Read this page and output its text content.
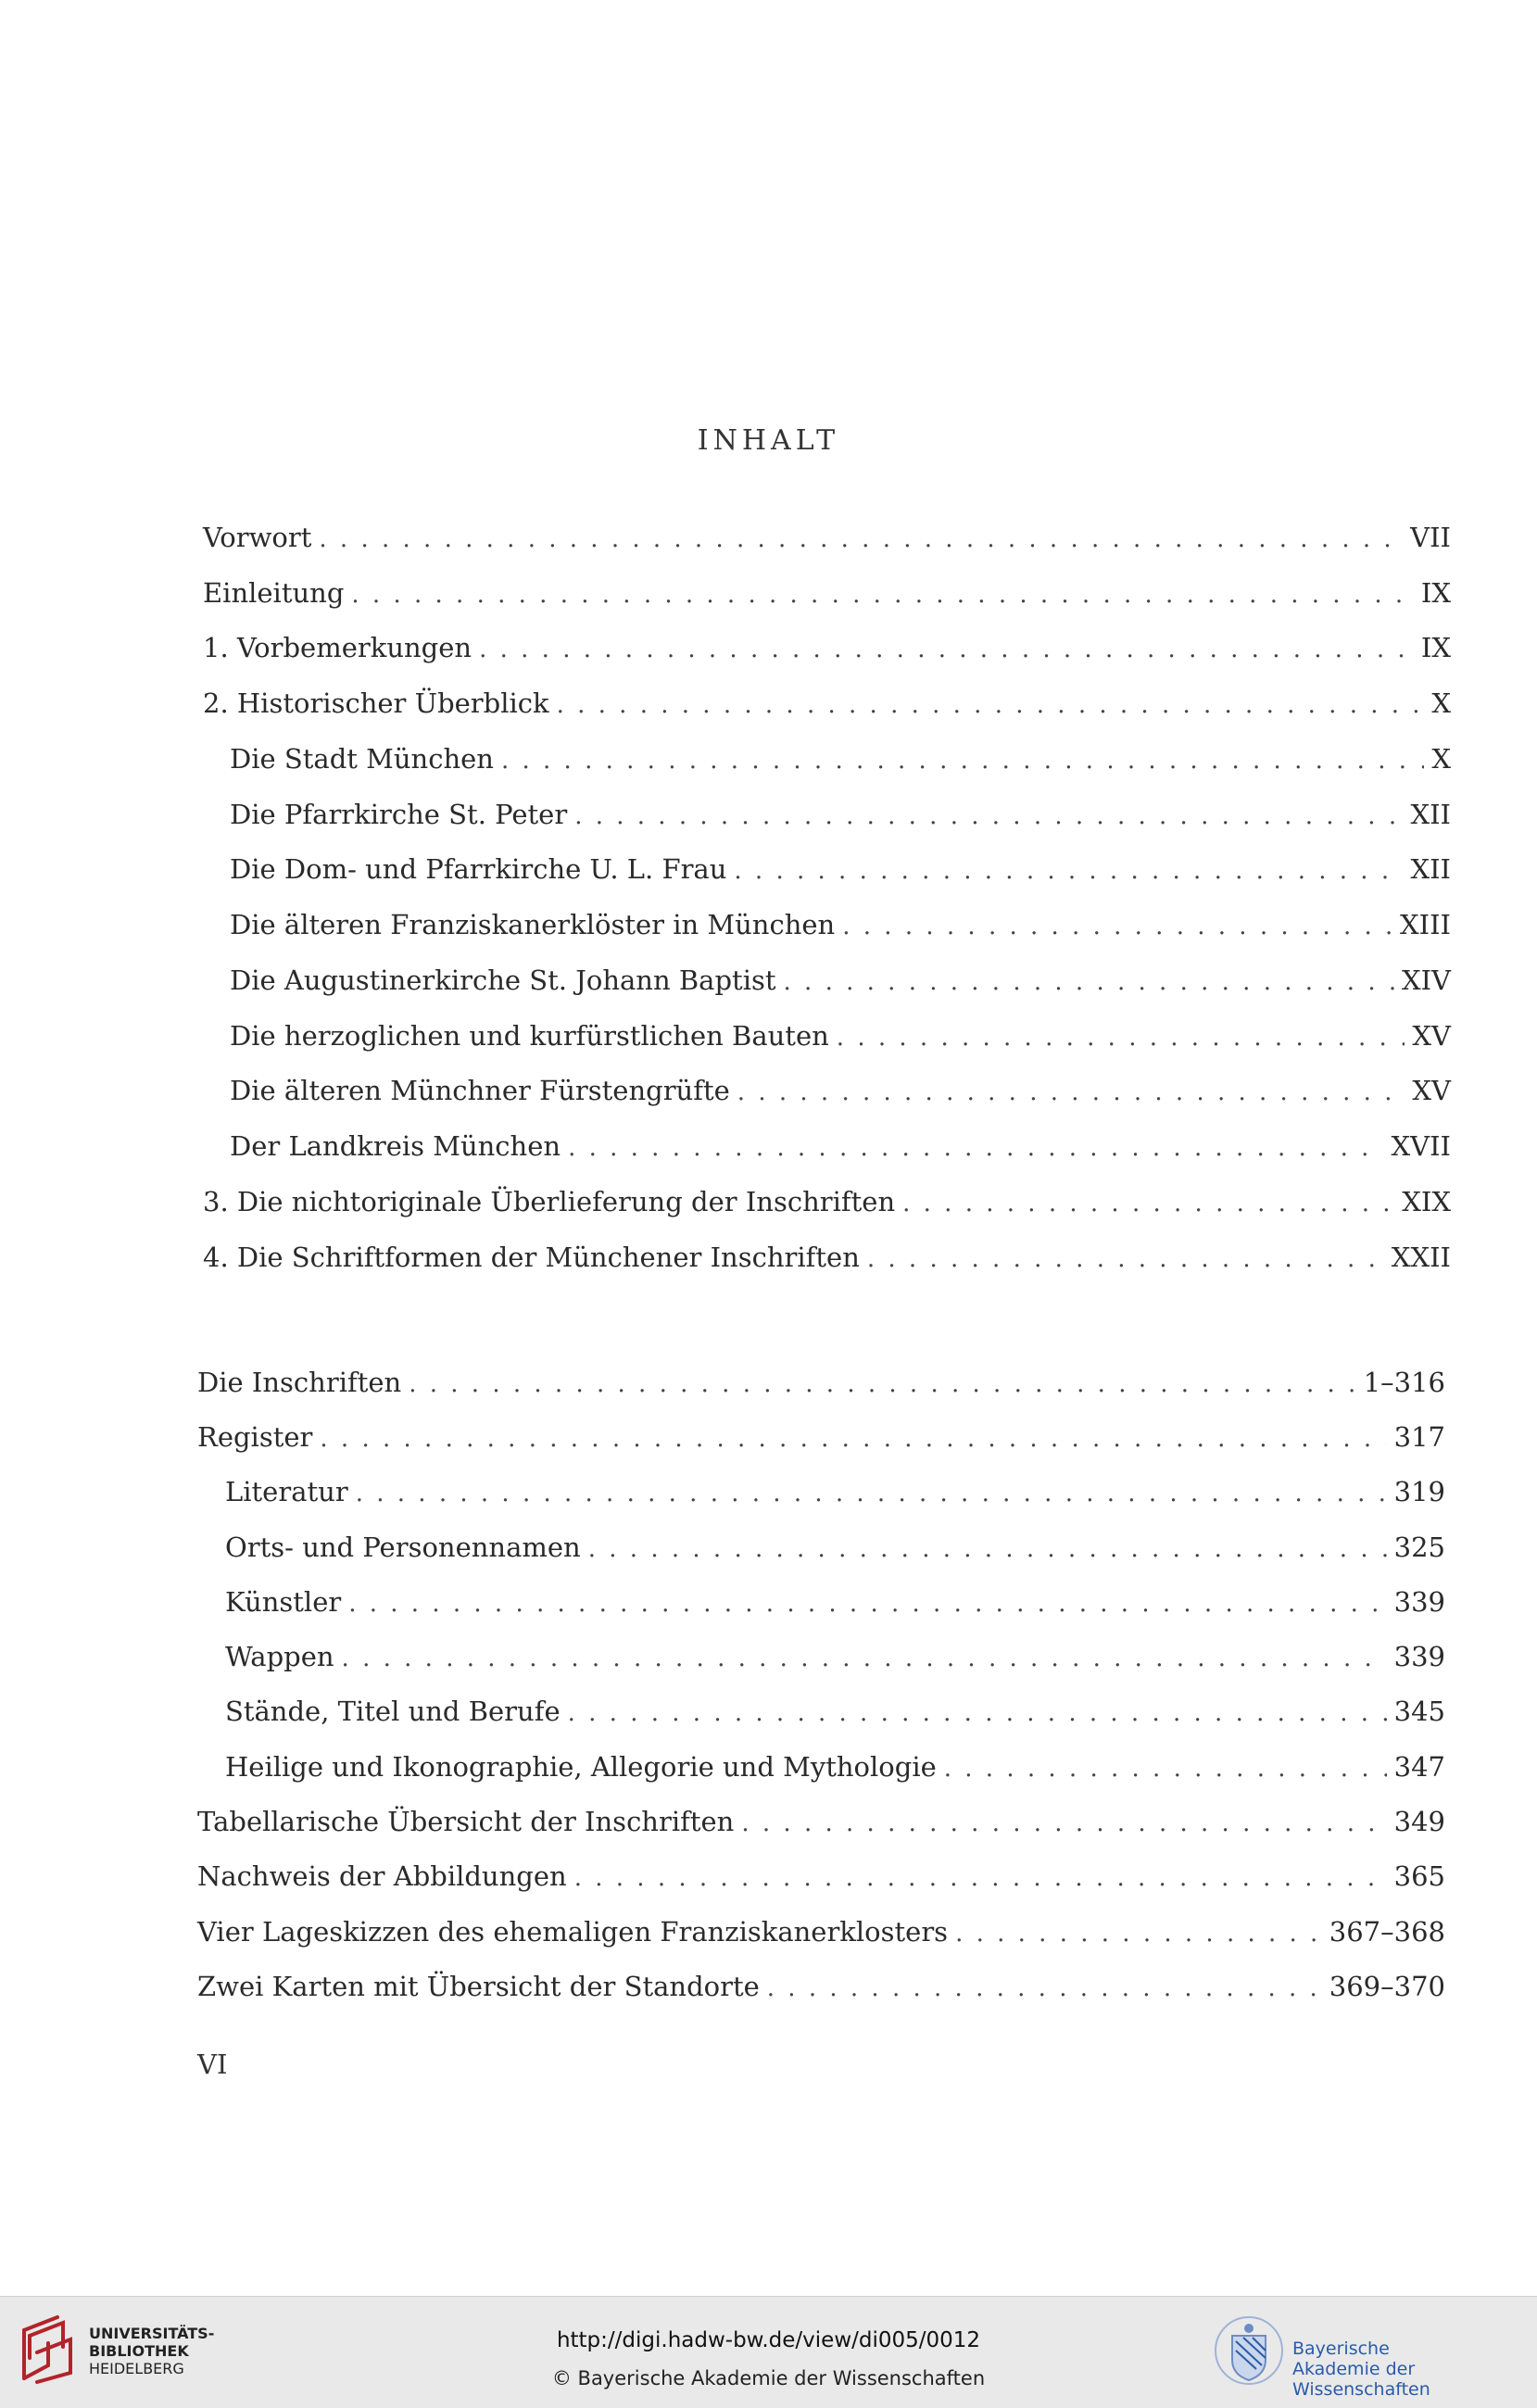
INHALT
Vorwort . . .	VII
Einleitung . . .	IX
1. Vorbemerkungen . . .	IX
2. Historischer Überblick . . .	X
Die Stadt München . . .	X
Die Pfarrkirche St. Peter . . .	XII
Die Dom- und Pfarrkirche U. L. Frau . . .	XII
Die älteren Franziskanerklöster in München . . .	XIII
Die Augustinerkirche St. Johann Baptist . . .	XIV
Die herzoglichen und kurfürstlichen Bauten . . .	XV
Die älteren Münchner Fürstengrüfte . . .	XV
Der Landkreis München . . .	XVII
3. Die nichtoriginale Überlieferung der Inschriften . . .	XIX
4. Die Schriftformen der Münchener Inschriften . . .	XXII
Die Inschriften . . .	1–316
Register . . .	317
Literatur . . .	319
Orts- und Personennamen . . .	325
Künstler . . .	339
Wappen . . .	339
Stände, Titel und Berufe . . .	345
Heilige und Ikonographie, Allegorie und Mythologie . . .	347
Tabellarische Übersicht der Inschriften . . .	349
Nachweis der Abbildungen . . .	365
Vier Lageskizzen des ehemaligen Franziskanerklosters . . .	367–368
Zwei Karten mit Übersicht der Standorte . . .	369–370
VI
UNIVERSITÄTS-
BIBLIOTHEK
HEIDELBERG
http://digi.hadw-bw.de/view/di005/0012
© Bayerische Akademie der Wissenschaften
Bayerische
Akademie der Wissenschaften
